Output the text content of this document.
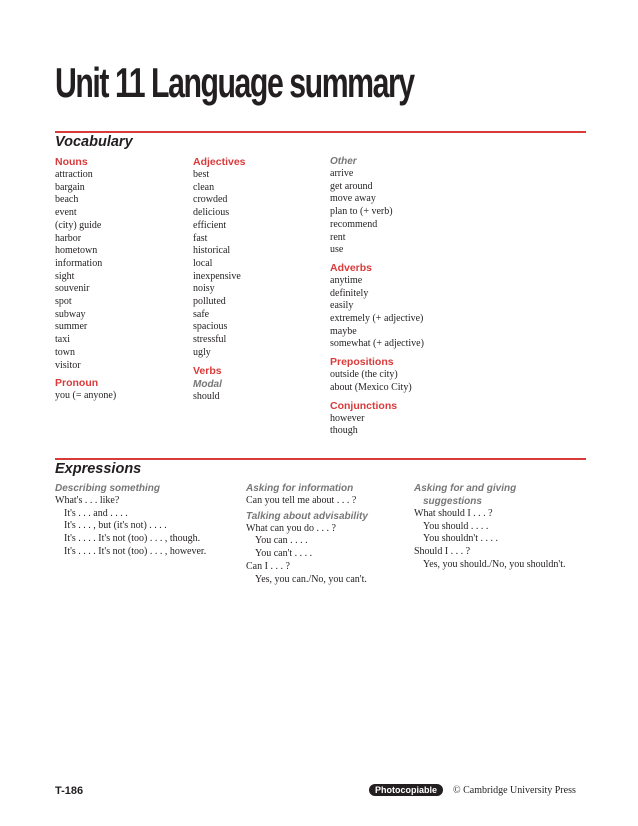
Unit 11 Language summary
Vocabulary
Nouns
attraction
bargain
beach
event
(city) guide
harbor
hometown
information
sight
souvenir
spot
subway
summer
taxi
town
visitor
Pronoun
you (= anyone)
Adjectives
best
clean
crowded
delicious
efficient
fast
historical
local
inexpensive
noisy
polluted
safe
spacious
stressful
ugly
Verbs
Modal
should
Other
arrive
get around
move away
plan to (+ verb)
recommend
rent
use
Adverbs
anytime
definitely
easily
extremely (+ adjective)
maybe
somewhat (+ adjective)
Prepositions
outside (the city)
about (Mexico City)
Conjunctions
however
though
Expressions
Describing something
What's . . . like?
It's . . . and . . . .
It's . . . , but (it's not) . . . .
It's . . . . It's not (too) . . . , though.
It's . . . . It's not (too) . . . , however.
Asking for information
Can you tell me about . . . ?
Talking about advisability
What can you do . . . ?
You can . . . .
You can't . . . .
Can I . . . ?
Yes, you can./No, you can't.
Asking for and giving
suggestions
What should I . . . ?
You should . . . .
You shouldn't . . . .
Should I . . . ?
Yes, you should./No, you shouldn't.
T-186	Photocopiable	© Cambridge University Press
